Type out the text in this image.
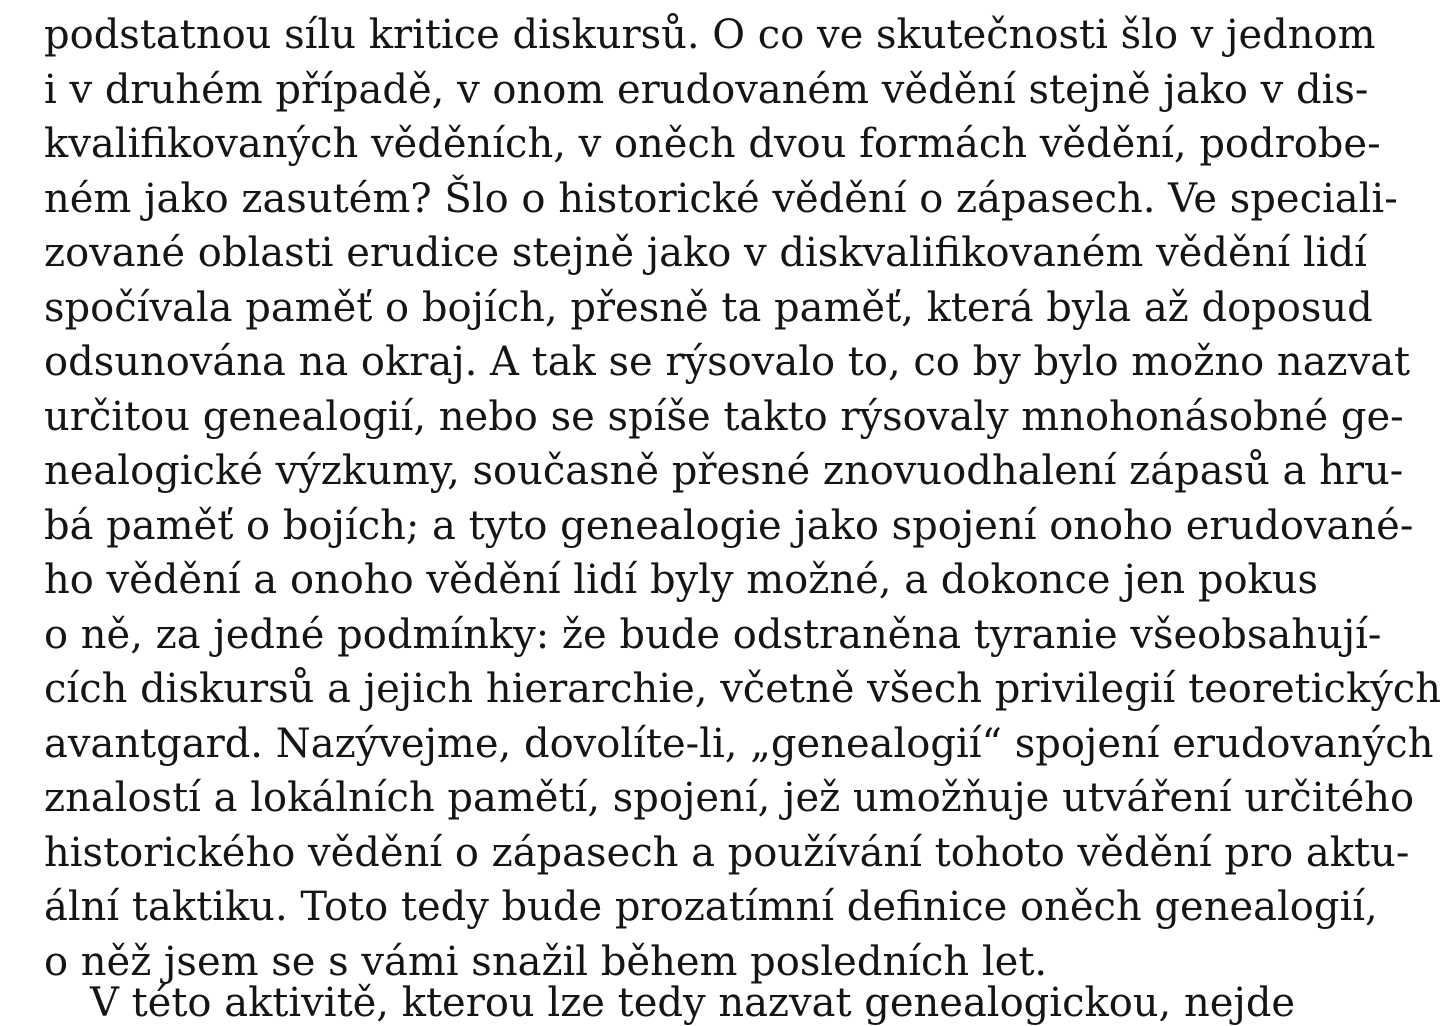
podstatnou sílu kritice diskursů. O co ve skutečnosti šlo v jednom
i v druhém případě, v onom erudovaném vědění stejně jako v dis-
kvalifikovaných věděních, v oněch dvou formách vědění, podrobe-
ném jako zasutém? Šlo o historické vědění o zápasech. Ve speciali-
zované oblasti erudice stejně jako v diskvalifikovaném vědění lidí
spočívala paměť o bojích, přesně ta paměť, která byla až doposud
odsunována na okraj. A tak se rýsovalo to, co by bylo možno nazvat
určitou genealogií, nebo se spíše takto rýsovaly mnohonásobné ge-
nealogické výzkumy, současně přesné znovuodhalení zápasů a hru-
bá paměť o bojích; a tyto genealogie jako spojení onoho erudované-
ho vědění a onoho vědění lidí byly možné, a dokonce jen pokus
o ně, za jedné podmínky: že bude odstraněna tyranie všeobsahují-
cích diskursů a jejich hierarchie, včetně všech privilegií teoretických
avantgard. Nazývejme, dovolíte-li, „genealogií“ spojení erudovaných
znalostí a lokálních pamětí, spojení, jež umožňuje utváření určitého
historického vědění o zápasech a používání tohoto vědění pro aktu-
ální taktiku. Toto tedy bude prozatímní definice oněch genealogií,
o něž jsem se s vámi snažil během posledních let.
V této aktivitě, kterou lze tedy nazvat genealogickou, nejde
